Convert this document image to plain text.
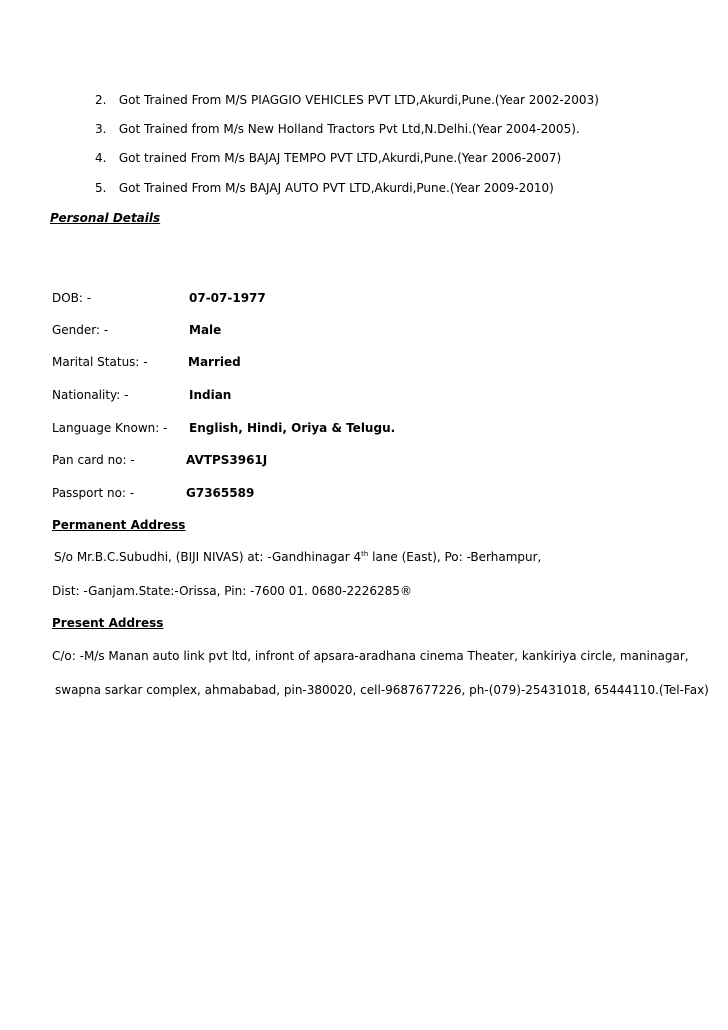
2. Got Trained From M/S PIAGGIO VEHICLES PVT LTD,Akurdi,Pune.(Year 2002-2003)
3. Got Trained from M/s New Holland Tractors Pvt Ltd,N.Delhi.(Year 2004-2005).
4. Got trained From M/s BAJAJ TEMPO PVT LTD,Akurdi,Pune.(Year 2006-2007)
5. Got Trained From M/s BAJAJ AUTO PVT LTD,Akurdi,Pune.(Year 2009-2010)
Personal Details
DOB: -	07-07-1977
Gender: -	Male
Marital Status: -	Married
Nationality: -	Indian
Language Known: - English, Hindi, Oriya & Telugu.
Pan card no: -	AVTPS3961J
Passport no: -	G7365589
Permanent Address
S/o Mr.B.C.Subudhi, (BIJI NIVAS) at: -Gandhinagar 4th lane (East), Po: -Berhampur,
Dist: -Ganjam.State:-Orissa, Pin: -7600 01. 0680-2226285®
Present Address
C/o: -M/s Manan auto link pvt ltd, infront of apsara-aradhana cinema Theater, kankiriya circle, maninagar,
swapna sarkar complex, ahmababad, pin-380020, cell-9687677226, ph-(079)-25431018, 65444110.(Tel-Fax)
